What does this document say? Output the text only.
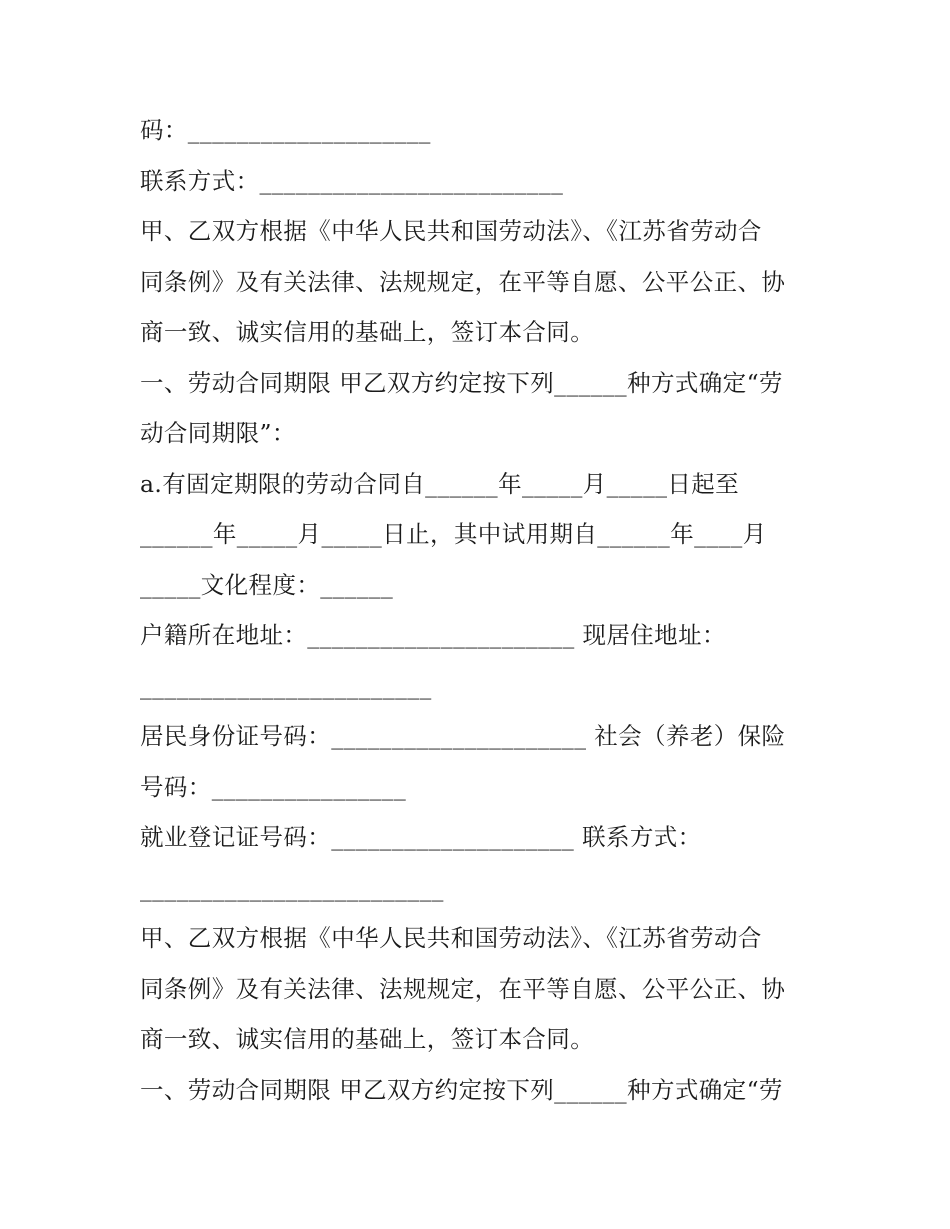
码：____________________
联系方式：_________________________
甲、乙双方根据《中华人民共和国劳动法》、《江苏省劳动合
同条例》及有关法律、法规规定，在平等自愿、公平公正、协
商一致、诚实信用的基础上，签订本合同。
一、劳动合同期限 甲乙双方约定按下列______种方式确定“劳
动合同期限”：
a.有固定期限的劳动合同自______年_____月_____日起至
______年_____月_____日止，其中试用期自______年____月
_____文化程度：______
户籍所在地址：______________________ 现居住地址：
________________________
居民身份证号码：_____________________ 社会（养老）保险
号码：________________
就业登记证号码：____________________ 联系方式：
_________________________
甲、乙双方根据《中华人民共和国劳动法》、《江苏省劳动合
同条例》及有关法律、法规规定，在平等自愿、公平公正、协
商一致、诚实信用的基础上，签订本合同。
一、劳动合同期限 甲乙双方约定按下列______种方式确定“劳
